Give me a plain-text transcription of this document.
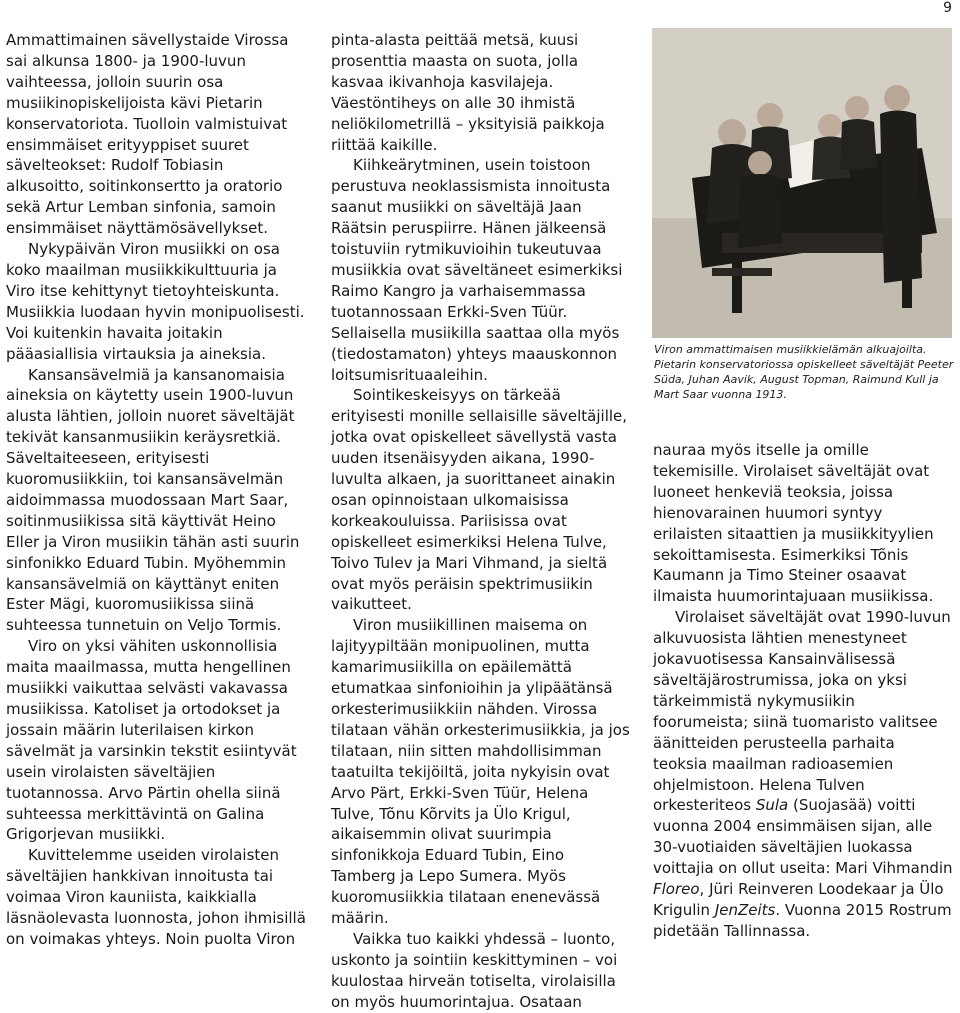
9

Ammattimainen sävellystaide Virossa sai alkunsa 1800- ja 1900-luvun vaihteessa, jolloin suurin osa musiikinopiskelijoista kävi Pietarin konservatoriota. Tuolloin valmistuivat ensimmäiset erityyppiset suuret sävelteokset: Rudolf Tobiasin alkusoitto, soitinkonsertto ja oratorio sekä Artur Lemban sinfonia, samoin ensimmäiset näyttämösävellykset.

Nykypäivän Viron musiikki on osa koko maailman musiikkikulttuuria ja Viro itse kehittynyt tietoyhteiskunta. Musiikkia luodaan hyvin monipuolisesti. Voi kuitenkin havaita joitakin pääasiallisia virtauksia ja aineksia.

Kansansävelmiä ja kansanomaisia aineksia on käytetty usein 1900-luvun alusta lähtien, jolloin nuoret säveltäjät tekivät kansanmusiikin keräysretkiä. Säveltaiteeseen, erityisesti kuoromusiikkiin, toi kansansävelmän aidoimmassa muodossaan Mart Saar, soitinmusiikissa sitä käyttivät Heino Eller ja Viron musiikin tähän asti suurin sinfonikko Eduard Tubin. Myöhemmin kansansävelmiä on käyttänyt eniten Ester Mägi, kuoromusiikissa siinä suhteessa tunnetuin on Veljo Tormis.

Viro on yksi vähiten uskonnollisia maita maailmassa, mutta hengellinen musiikki vaikuttaa selvästi vakavassa musiikissa. Katoliset ja ortodokset ja jossain määrin luterilaisen kirkon sävelmät ja varsinkin tekstit esiintyvät usein virolaisten säveltäjien tuotannossa. Arvo Pärtin ohella siinä suhteessa merkittävintä on Galina Grigorjevan musiikki.

Kuvittelemme useiden virolaisten säveltäjien hankkivan innoitusta tai voimaa Viron kauniista, kaikkialla läsnäolevasta luonnosta, johon ihmisillä on voimakas yhteys. Noin puolta Viron

pinta-alasta peittää metsä, kuusi prosenttia maasta on suota, jolla kasvaa ikivanhoja kasvilajeja. Väestöntiheys on alle 30 ihmistä neliökilometrillä – yksityisiä paikkoja riittää kaikille.

Kiihkeärytminen, usein toistoon perustuva neoklassismista innoitusta saanut musiikki on säveltäjä Jaan Räätsin peruspiirre. Hänen jälkeensä toistuviin rytmikuvioihin tukeutuvaa musiikkia ovat säveltäneet esimerkiksi Raimo Kangro ja varhaisemmassa tuotannossaan Erkki-Sven Tüür. Sellaisella musiikilla saattaa olla myös (tiedostamaton) yhteys maauskonnon loitsumisrituaaleihin.

Sointikeskeisyys on tärkeää erityisesti monille sellaisille säveltäjille, jotka ovat opiskelleet sävellystä vasta uuden itsenäisyyden aikana, 1990-luvulta alkaen, ja suorittaneet ainakin osan opinnoistaan ulkomaisissa korkeakouluissa. Pariisissa ovat opiskelleet esimerkiksi Helena Tulve, Toivo Tulev ja Mari Vihmand, ja sieltä ovat myös peräisin spektrimusiikin vaikutteet.

Viron musiikillinen maisema on lajityypiltään monipuolinen, mutta kamarimusiikilla on epäilemättä etumatkaa sinfonioihin ja ylipäätänsä orkesterimusiikkiin nähden. Virossa tilataan vähän orkesterimusiikkia, ja jos tilataan, niin sitten mahdollisimman taatuilta tekijöiltä, joita nykyisin ovat Arvo Pärt, Erkki-Sven Tüür, Helena Tulve, Tõnu Kõrvits ja Ülo Krigul, aikaisemmin olivat suurimpia sinfonikkoja Eduard Tubin, Eino Tamberg ja Lepo Sumera. Myös kuoromusiikkia tilataan enenevässä määrin.

Vaikka tuo kaikki yhdessä – luonto, uskonto ja sointiin keskittyminen – voi kuulostaa hirveän totiselta, virolaisilla on myös huumorintajua. Osataan

Viron ammattimaisen musiikkielämän alkuajoilta. Pietarin konservatoriossa opiskelleet säveltäjät Peeter Süda, Juhan Aavik, August Topman, Raimund Kull ja Mart Saar vuonna 1913.

nauraa myös itselle ja omille tekemisille. Virolaiset säveltäjät ovat luoneet henkeviä teoksia, joissa hienovarainen huumori syntyy erilaisten sitaattien ja musiikkityylien sekoittamisesta. Esimerkiksi Tõnis Kaumann ja Timo Steiner osaavat ilmaista huumorintajuaan musiikissa.

Virolaiset säveltäjät ovat 1990-luvun alkuvuosista lähtien menestyneet jokavuotisessa Kansainvälisessä säveltäjärostrumissa, joka on yksi tärkeimmistä nykymusiikin foorumeista; siinä tuomaristo valitsee äänitteiden perusteella parhaita teoksia maailman radioasemien ohjelmistoon. Helena Tulven orkesteriteos Sula (Suojasää) voitti vuonna 2004 ensimmäisen sijan, alle 30-vuotiaiden säveltäjien luokassa voittajia on ollut useita: Mari Vihmandin Floreo, Jüri Reinveren Loodekaar ja Ülo Krigulin JenZeits. Vuonna 2015 Rostrum pidetään Tallinnassa.
